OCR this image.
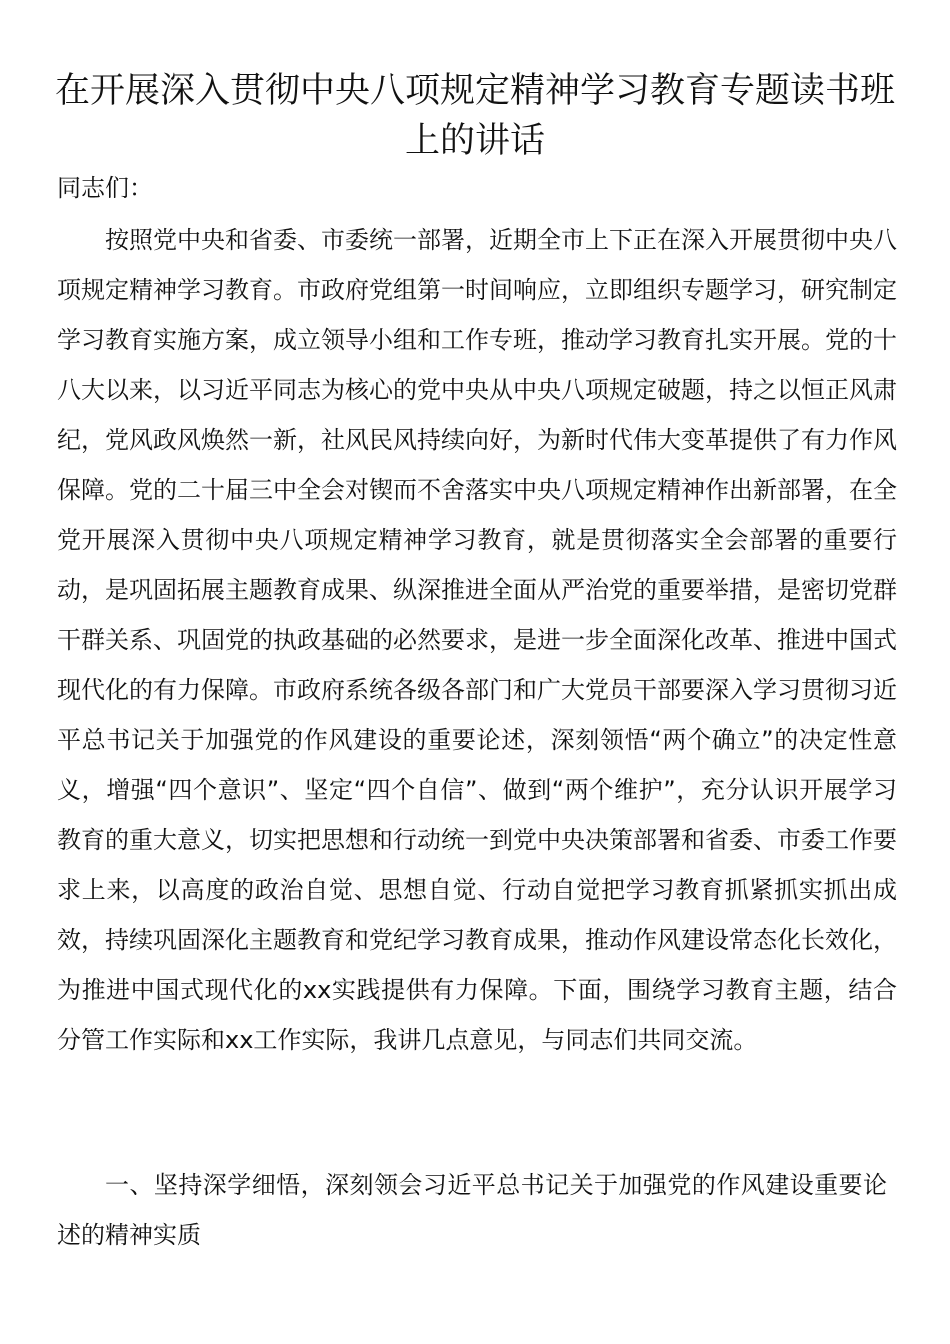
在开展深入贯彻中央八项规定精神学习教育专题读书班上的讲话

同志们：

按照党中央和省委、市委统一部署，近期全市上下正在深入开展贯彻中央八项规定精神学习教育。市政府党组第一时间响应，立即组织专题学习，研究制定学习教育实施方案，成立领导小组和工作专班，推动学习教育扎实开展。党的十八大以来，以习近平同志为核心的党中央从中央八项规定破题，持之以恒正风肃纪，党风政风焕然一新，社风民风持续向好，为新时代伟大变革提供了有力作风保障。党的二十届三中全会对锲而不舍落实中央八项规定精神作出新部署，在全党开展深入贯彻中央八项规定精神学习教育，就是贯彻落实全会部署的重要行动，是巩固拓展主题教育成果、纵深推进全面从严治党的重要举措，是密切党群干群关系、巩固党的执政基础的必然要求，是进一步全面深化改革、推进中国式现代化的有力保障。市政府系统各级各部门和广大党员干部要深入学习贯彻习近平总书记关于加强党的作风建设的重要论述，深刻领悟“两个确立”的决定性意义，增强“四个意识”、坚定“四个自信”、做到“两个维护”，充分认识开展学习教育的重大意义，切实把思想和行动统一到党中央决策部署和省委、市委工作要求上来，以高度的政治自觉、思想自觉、行动自觉把学习教育抓紧抓实抓出成效，持续巩固深化主题教育和党纪学习教育成果，推动作风建设常态化长效化，为推进中国式现代化的xx实践提供有力保障。下面，围绕学习教育主题，结合分管工作实际和xx工作实际，我讲几点意见，与同志们共同交流。

一、坚持深学细悟，深刻领会习近平总书记关于加强党的作风建设重要论述的精神实质
